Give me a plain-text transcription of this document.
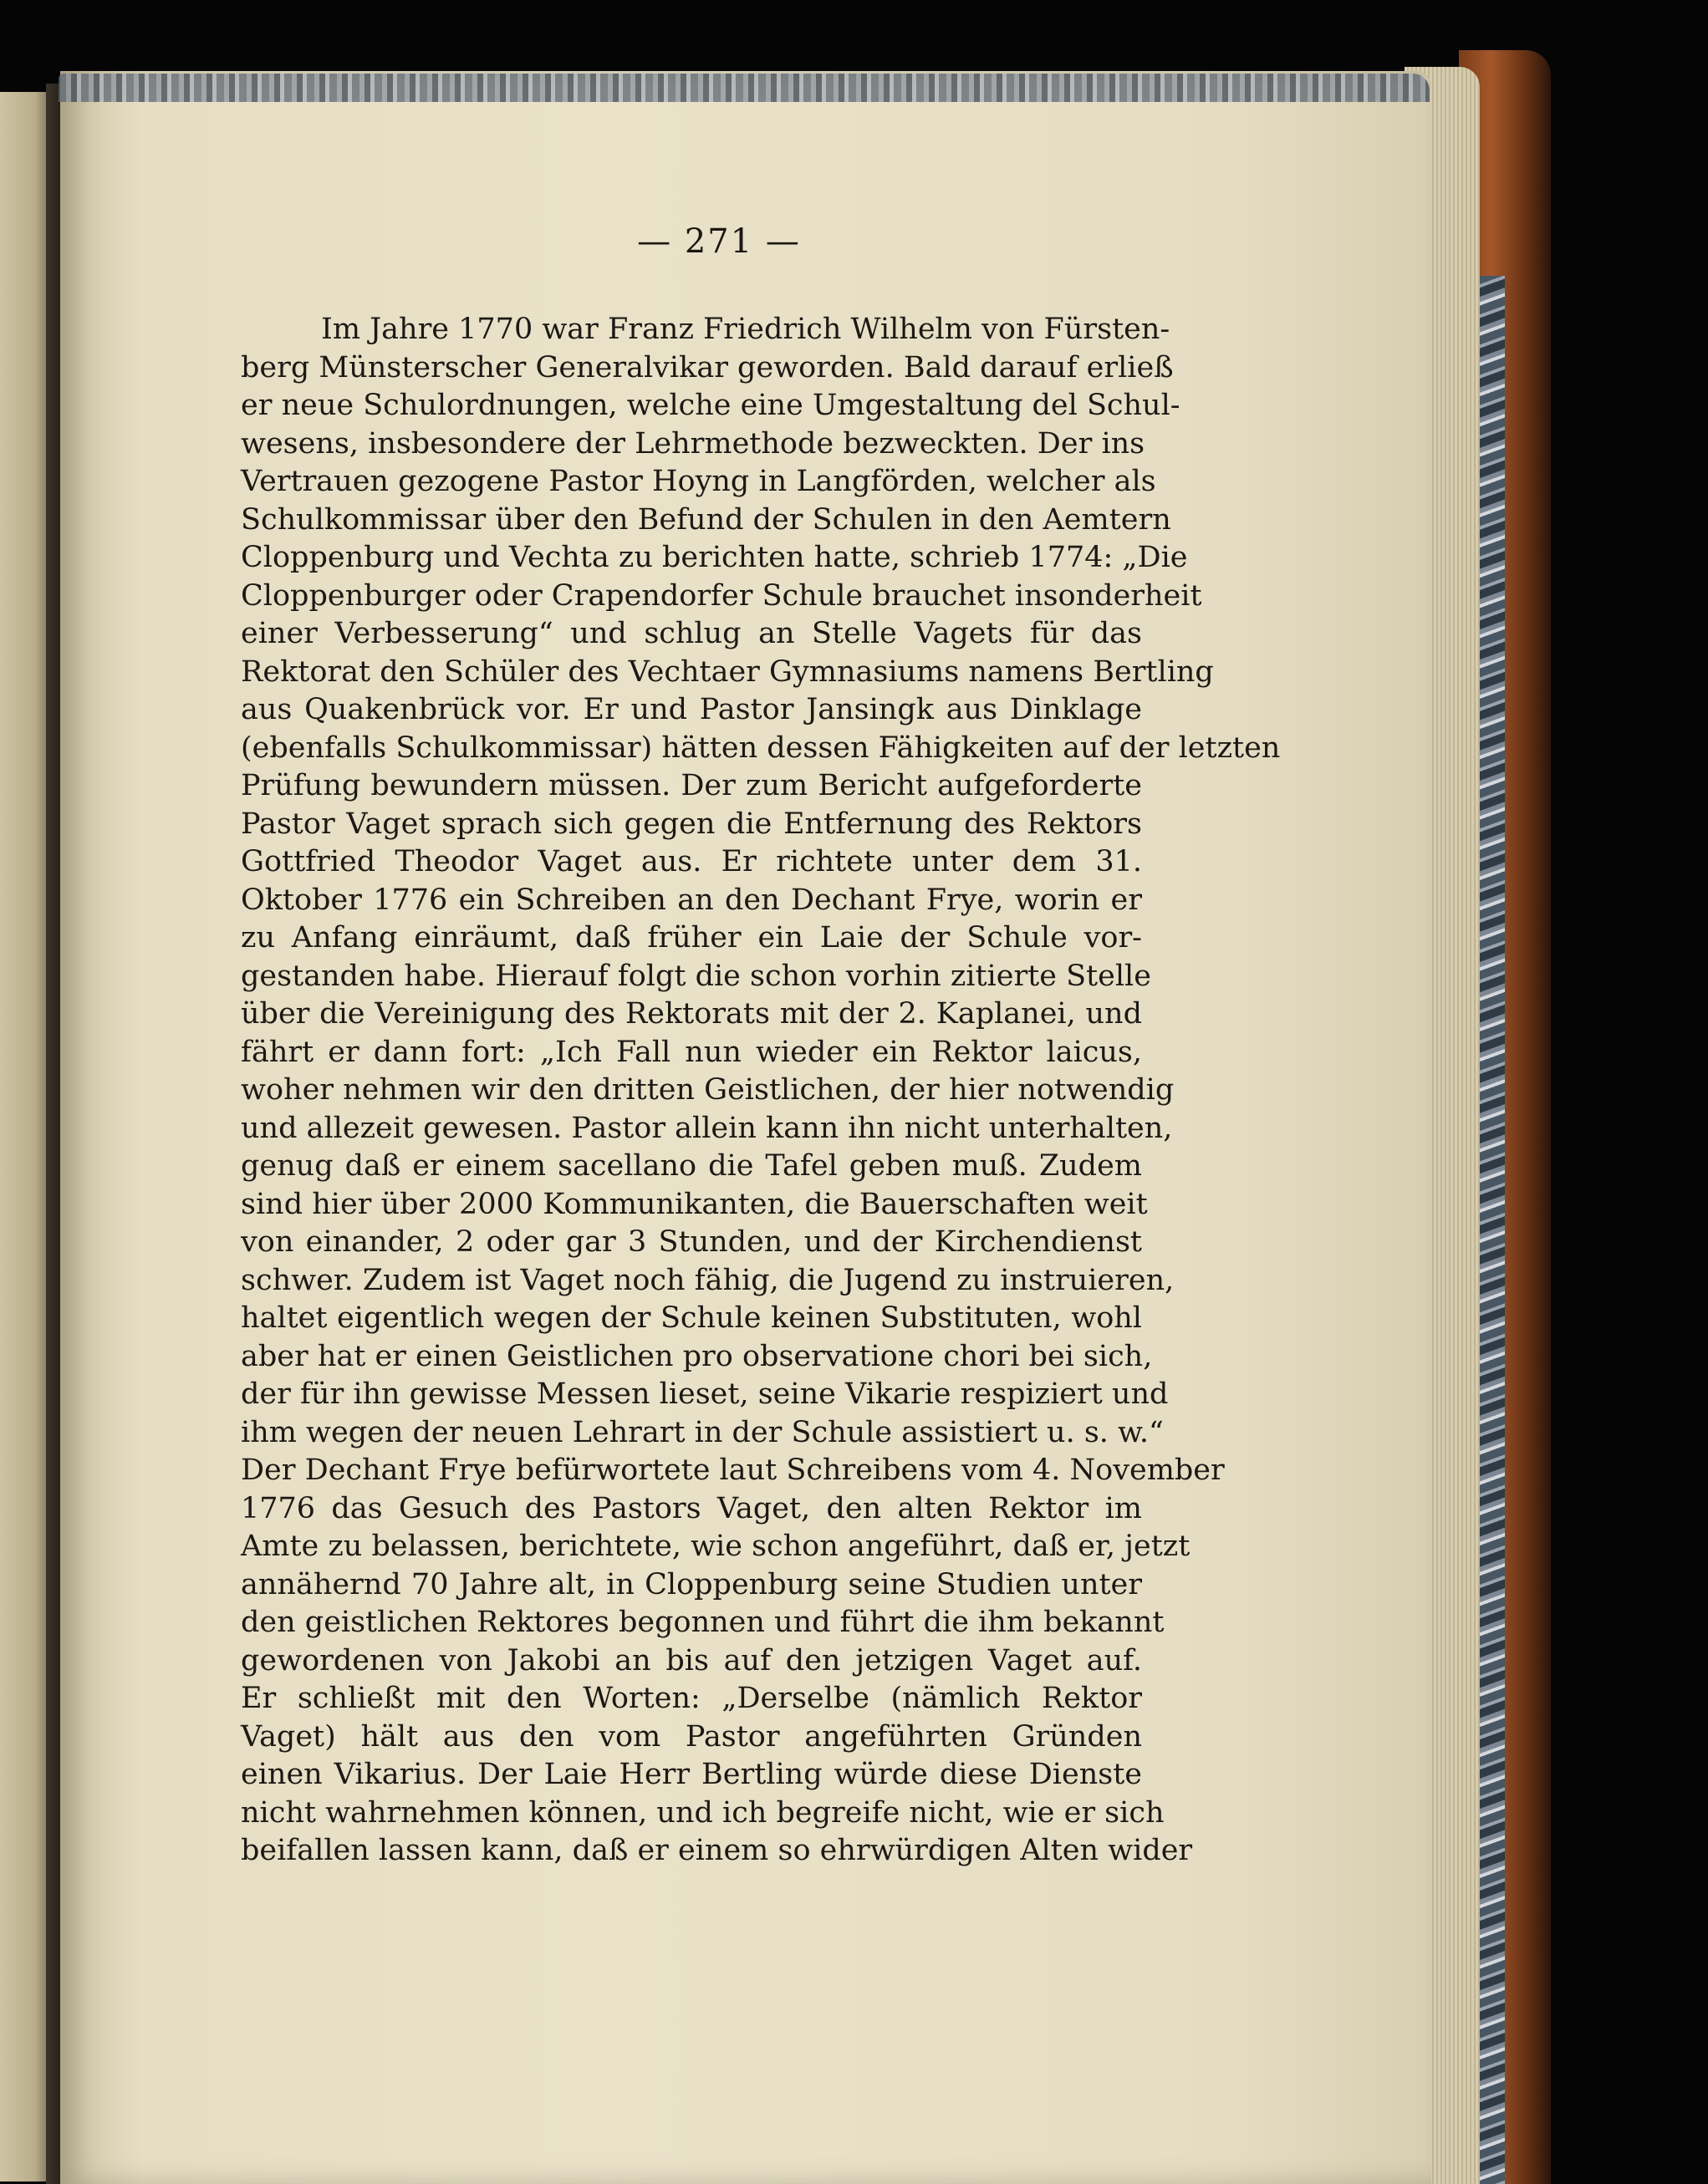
— 271 —
Im Jahre 1770 war Franz Friedrich Wilhelm von Fürsten-
berg Münsterscher Generalvikar geworden. Bald darauf erließ
er neue Schulordnungen, welche eine Umgestaltung del Schul-
wesens, insbesondere der Lehrmethode bezweckten. Der ins
Vertrauen gezogene Pastor Hoyng in Langförden, welcher als
Schulkommissar über den Befund der Schulen in den Aemtern
Cloppenburg und Vechta zu berichten hatte, schrieb 1774: „Die
Cloppenburger oder Crapendorfer Schule brauchet insonderheit
einer Verbesserung“ und schlug an Stelle Vagets für das
Rektorat den Schüler des Vechtaer Gymnasiums namens Bertling
aus Quakenbrück vor. Er und Pastor Jansingk aus Dinklage
(ebenfalls Schulkommissar) hätten dessen Fähigkeiten auf der letzten
Prüfung bewundern müssen. Der zum Bericht aufgeforderte
Pastor Vaget sprach sich gegen die Entfernung des Rektors
Gottfried Theodor Vaget aus. Er richtete unter dem 31.
Oktober 1776 ein Schreiben an den Dechant Frye, worin er
zu Anfang einräumt, daß früher ein Laie der Schule vor-
gestanden habe. Hierauf folgt die schon vorhin zitierte Stelle
über die Vereinigung des Rektorats mit der 2. Kaplanei, und
fährt er dann fort: „Ich Fall nun wieder ein Rektor laicus,
woher nehmen wir den dritten Geistlichen, der hier notwendig
und allezeit gewesen. Pastor allein kann ihn nicht unterhalten,
genug daß er einem sacellano die Tafel geben muß. Zudem
sind hier über 2000 Kommunikanten, die Bauerschaften weit
von einander, 2 oder gar 3 Stunden, und der Kirchendienst
schwer. Zudem ist Vaget noch fähig, die Jugend zu instruieren,
haltet eigentlich wegen der Schule keinen Substituten, wohl
aber hat er einen Geistlichen pro observatione chori bei sich,
der für ihn gewisse Messen lieset, seine Vikarie respiziert und
ihm wegen der neuen Lehrart in der Schule assistiert u. s. w.“
Der Dechant Frye befürwortete laut Schreibens vom 4. November
1776 das Gesuch des Pastors Vaget, den alten Rektor im
Amte zu belassen, berichtete, wie schon angeführt, daß er, jetzt
annähernd 70 Jahre alt, in Cloppenburg seine Studien unter
den geistlichen Rektores begonnen und führt die ihm bekannt
gewordenen von Jakobi an bis auf den jetzigen Vaget auf.
Er schließt mit den Worten: „Derselbe (nämlich Rektor
Vaget) hält aus den vom Pastor angeführten Gründen
einen Vikarius. Der Laie Herr Bertling würde diese Dienste
nicht wahrnehmen können, und ich begreife nicht, wie er sich
beifallen lassen kann, daß er einem so ehrwürdigen Alten wider
